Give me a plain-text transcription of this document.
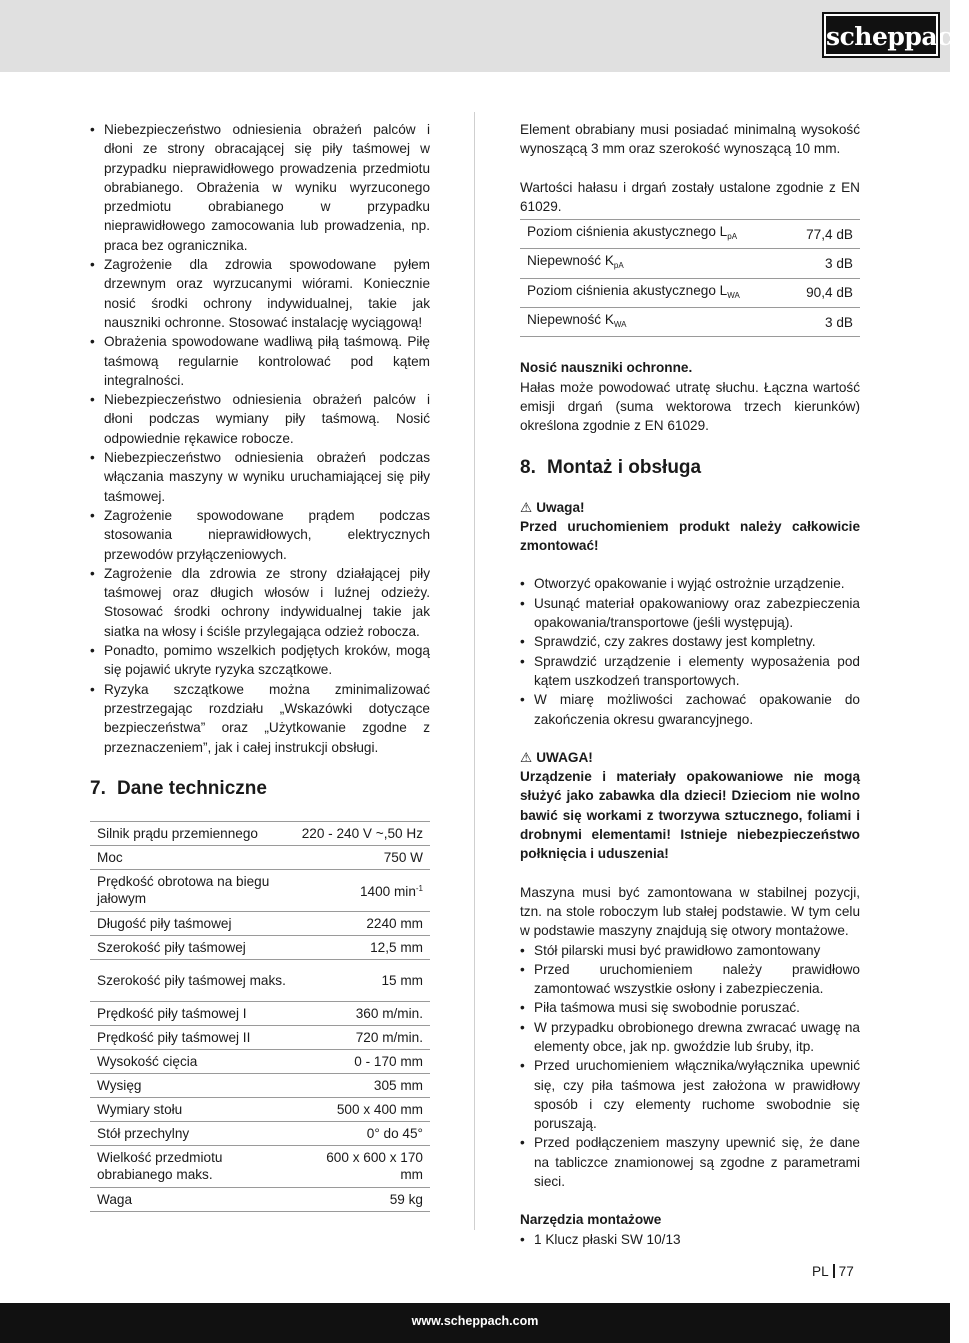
scheppach
• Niebezpieczeństwo odniesienia obrażeń palców i dłoni ze strony obracającej się piły taśmowej w przypadku nieprawidłowego prowadzenia przedmiotu obrabianego. Obrażenia w wyniku wyrzuconego przedmiotu obrabianego w przypadku nieprawidłowego zamocowania lub prowadzenia, np. praca bez ogranicznika.
• Zagrożenie dla zdrowia spowodowane pyłem drzewnym oraz wyrzucanymi wiórami. Koniecznie nosić środki ochrony indywidualnej, takie jak nauszniki ochronne. Stosować instalację wyciągową!
• Obrażenia spowodowane wadliwą piłą taśmową. Piłę taśmową regularnie kontrolować pod kątem integralności.
• Niebezpieczeństwo odniesienia obrażeń palców i dłoni podczas wymiany piły taśmową. Nosić odpowiednie rękawice robocze.
• Niebezpieczeństwo odniesienia obrażeń podczas włączania maszyny w wyniku uruchamiającej się piły taśmowej.
• Zagrożenie spowodowane prądem podczas stosowania nieprawidłowych, elektrycznych przewodów przyłączeniowych.
• Zagrożenie dla zdrowia ze strony działającej piły taśmowej oraz długich włosów i luźnej odzieży. Stosować środki ochrony indywidualnej takie jak siatka na włosy i ściśle przylegająca odzież robocza.
• Ponadto, pomimo wszelkich podjętych kroków, mogą się pojawić ukryte ryzyka szczątkowe.
• Ryzyka szczątkowe można zminimalizować przestrzegając rozdziału „Wskazówki dotyczące bezpieczeństwa” oraz „Użytkowanie zgodne z przeznaczeniem”, jak i całej instrukcji obsługi.
7. Dane techniczne
Silnik prądu przemiennego	220 - 240 V ~,50 Hz
Moc	750 W
Prędkość obrotowa na biegu jałowym	1400 $\min^{-1}$
Długość piły taśmowej	2240 mm
Szerokość piły taśmowej	12,5 mm
Szerokość piły taśmowej maks.	15 mm
Prędkość piły taśmowej I	360 m/min.
Prędkość piły taśmowej II	720 m/min.
Wysokość cięcia	0 - 170 mm
Wysięg	305 mm
Wymiary stołu	500 x 400 mm
Stół przechylny	0° do 45°
Wielkość przedmiotu obrabianego maks.	600 x 600 x 170 mm
Waga	59 kg

Element obrabiany musi posiadać minimalną wysokość wynoszącą 3 mm oraz szerokość wynoszącą 10 mm.

Wartości hałasu i drgań zostały ustalone zgodnie z EN 61029.

Poziom ciśnienia akustycznego $L_{pA}$	77,4 dB
Niepewność $K_{pA}$	3 dB
Poziom ciśnienia akustycznego $L_{WA}$	90,4 dB
Niepewność $K_{WA}$	3 dB

Nosić nauszniki ochronne.

Hałas może powodować utratę słuchu. Łączna wartość emisji drgań (suma wektorowa trzech kierunków) określona zgodnie z EN 61029.

8. Montaż i obsługa

⚠ Uwaga!

Przed uruchomieniem produkt należy całkowicie zmontować!

• Otworzyć opakowanie i wyjąć ostrożnie urządzenie.
• Usunąć materiał opakowaniowy oraz zabezpieczenia opakowania/transportowe (jeśli występują).
• Sprawdzić, czy zakres dostawy jest kompletny.
• Sprawdzić urządzenie i elementy wyposażenia pod kątem uszkodzeń transportowych.
• W miarę możliwości zachować opakowanie do zakończenia okresu gwarancyjnego.

⚠ UWAGA!

Urządzenie i materiały opakowaniowe nie mogą służyć jako zabawka dla dzieci! Dzieciom nie wolno bawić się workami z tworzywa sztucznego, foliami i drobnymi elementami! Istnieje niebezpieczeństwo połknięcia i uduszenia!

Maszyna musi być zamontowana w stabilnej pozycji, tzn. na stole roboczym lub stałej podstawie. W tym celu w podstawie maszyny znajdują się otwory montażowe.

• Stół pilarski musi być prawidłowo zamontowany
• Przed uruchomieniem należy prawidłowo zamontować wszystkie osłony i zabezpieczenia.
• Piła taśmowa musi się swobodnie poruszać.
• W przypadku obrobionego drewna zwracać uwagę na elementy obce, jak np. gwoździe lub śruby, itp.
• Przed uruchomieniem włącznika/wyłącznika upewnić się, czy piła taśmowa jest założona w prawidłowy sposób i czy elementy ruchome swobodnie się poruszają.
• Przed podłączeniem maszyny upewnić się, że dane na tabliczce znamionowej są zgodne z parametrami sieci.

Narzędzia montażowe

• 1 Klucz płaski SW 10/13
PL 77
www.scheppach.com
